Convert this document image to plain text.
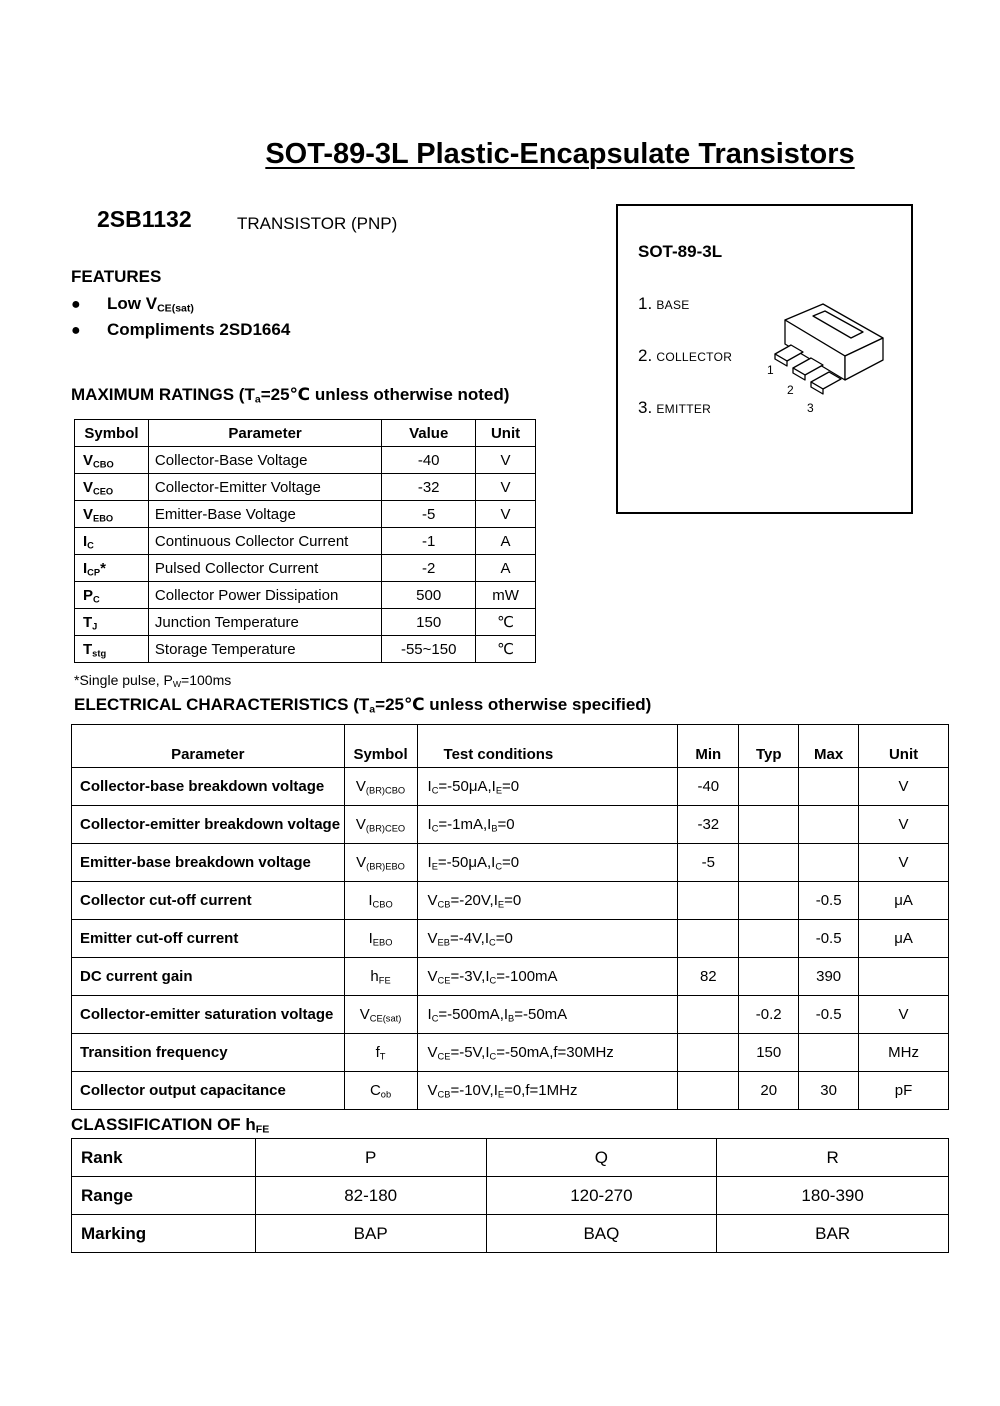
SOT-89-3L Plastic-Encapsulate Transistors
2SB1132	TRANSISTOR (PNP)
FEATURES
● Low $V_{CE(sat)}$
● Compliments 2SD1664
MAXIMUM RATINGS ($T_a=25℃$ unless otherwise noted)
Symbol	Parameter	Value	Unit
$V_{CBO}$	Collector-Base Voltage	-40	V
$V_{CEO}$	Collector-Emitter Voltage	-32	V
$V_{EBO}$	Emitter-Base Voltage	-5	V
$I_C$	Continuous Collector Current	-1	A
$I_{CP}*$	Pulsed Collector Current	-2	A
$P_C$	Collector Power Dissipation	500	mW
$T_J$	Junction Temperature	150	℃
$T_{stg}$	Storage Temperature	-55~150	℃
*Single pulse, $P_W=100ms$
ELECTRICAL CHARACTERISTICS ($T_a=25℃$ unless otherwise specified)
Parameter	Symbol	Test conditions	Min	Typ	Max	Unit
Collector-base breakdown voltage	$V_{(BR)CBO}$	$I_C=-50\mu A,I_E=0$	-40			V
Collector-emitter breakdown voltage	$V_{(BR)CEO}$	$I_C=-1mA,I_B=0$	-32			V
Emitter-base breakdown voltage	$V_{(BR)EBO}$	$I_E=-50\mu A,I_C=0$	-5			V
Collector cut-off current	$I_{CBO}$	$V_{CB}=-20V,I_E=0$			-0.5	μA
Emitter cut-off current	$I_{EBO}$	$V_{EB}=-4V,I_C=0$			-0.5	μA
DC current gain	$h_{FE}$	$V_{CE}=-3V,I_C=-100mA$	82		390	
Collector-emitter saturation voltage	$V_{CE(sat)}$	$I_C=-500mA,I_B=-50mA$		-0.2	-0.5	V
Transition frequency	$f_T$	$V_{CE}=-5V,I_C=-50mA,f=30MHz$		150		MHz
Collector output capacitance	$C_{ob}$	$V_{CB}=-10V,I_E=0,f=1MHz$		20	30	pF
CLASSIFICATION OF $h_{FE}$
Rank	P	Q	R
Range	82-180	120-270	180-390
Marking	BAP	BAQ	BAR
SOT-89-3L
1. BASE
2. COLLECTOR
3. EMITTER
1
2
3
